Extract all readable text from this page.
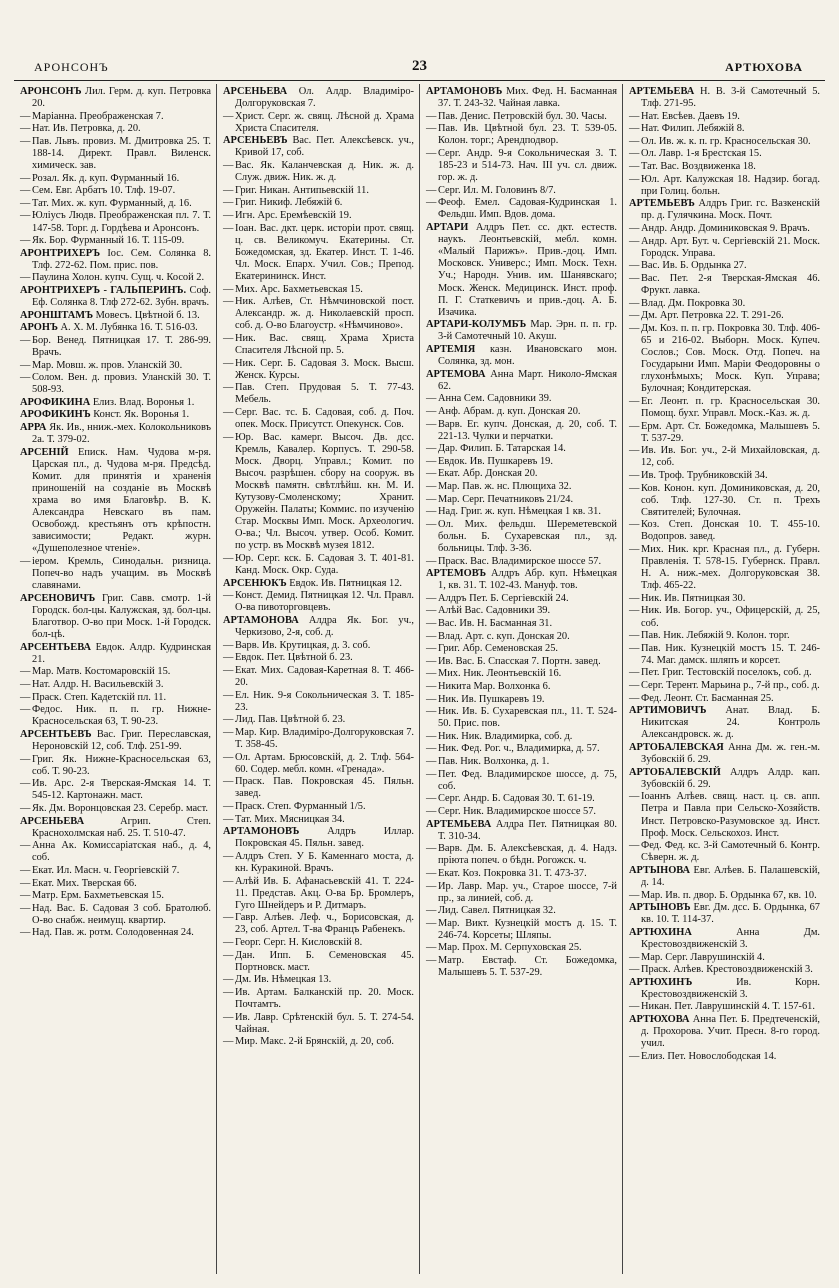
АРОНСОНЪ	23	АРТЮХОВА
АРОНСОНЪ Лил. Герм. д. куп. Петровка 20.
— Маріанна. Преображенская 7.
— Нат. Ив. Петровка, д. 20.
— Пав. Львъ. провиз. М. Дмитровка 25. Т. 188-14. Директ. Правл. Виленск. химическ. зав.
— Розал. Як. д. куп. Фурманный 16.
— Сем. Евг. Арбатъ 10. Тлф. 19-07.
— Тат. Мих. ж. куп. Фурманный, д. 16.
— Юліусъ Людв. Преображенская пл. 7. Т. 147-58. Торг. д. Гордѣева и Аронсонъ.
— Як. Бор. Фурманный 16. Т. 115-09.
АРОНТРИХЕРЪ Іос. Сем. Солянка 8. Тлф. 272-62. Пом. прис. пов.
— Паулина Холон. купч. Сущ. ч. Косой 2.
АРОНТРИХЕРЪ - ГАЛЬПЕРИНЪ. Соф. Еф. Солянка 8. Тлф 272-62. Зубн. врачъ.
АРОНШТАМЪ Мовесъ. Цвѣтной б. 13.
АРОНЪ А. Х. М. Лубянка 16. Т. 516-03.
— Бор. Венед. Пятницкая 17. Т. 286-99. Врачъ.
— Мар. Мовш. ж. пров. Уланскій 30.
— Солом. Вен. д. провиз. Уланскій 30. Т. 508-93.
АРОФИКИНА Елиз. Влад. Воронья 1.
АРОФИКИНЪ Конст. Як. Воронья 1.
АРРА Як. Ив., нниж.-мех. Колокольниковъ 2а. Т. 379-02.
АРСЕНІЙ Еписк. Нам. Чудова м-ря. Царская пл., д. Чудова м-ря. Предсѣд. Комит. для принятія и храненія приношеній на созданіе въ Москвѣ храма во имя Благовѣр. В. К. Александра Невскаго въ пам. Освобожд. крестьянъ отъ крѣпостн. зависимости; Редакт. журн. «Душеполезное чтеніе».
— іером. Кремль, Синодальн. ризница. Попеч-во надъ учащим. въ Москвѣ славянами.
АРСЕНОВИЧЪ Григ. Савв. смотр. 1-й Городск. бол-цы. Калужская, зд. бол-цы. Благотвор. О-во при Моск. 1-й Городск. бол-цѣ.
АРСЕНТЬЕВА Евдок. Алдр. Кудринская 21.
— Мар. Матв. Костомаровскій 15.
— Нат. Алдр. Н. Васильевскій 3.
— Праск. Степ. Кадетскій пл. 11.
— Федос. Ник. п. п. гр. Нижне-Красносельская 63, Т. 90-23.
АРСЕНТЬЕВЪ Вас. Григ. Переславская, Нероновскій 12, соб. Тлф. 251-99.
— Григ. Як. Нижне-Красносельская 63, соб. Т. 90-23.
— Ив. Арс. 2-я Тверская-Ямская 14. Т. 545-12. Картонажн. маст.
— Як. Дм. Воронцовская 23. Серебр. маст.
АРСЕНЬЕВА Агрип. Степ. Краснохолмская наб. 25. Т. 510-47.
— Анна Ак. Комиссаріатская наб., д. 4, соб.
— Екат. Ил. Масн. ч. Георгіевскій 7.
— Екат. Мих. Тверская 66.
— Матр. Ерм. Бахметьевская 15.
— Над. Вас. Б. Садовая 3 соб. Братолюб. О-во снабж. неимущ. квартир.
— Над. Пав. ж. ротм. Солодовенная 24.
АРСЕНЬЕВА Ол. Алдр. Владиміро-Долгоруковская 7.
— Христ. Серг. ж. свящ. Лѣсной д. Храма Христа Спасителя.
АРСЕНЬЕВЪ Вас. Пет. Алексѣевск. уч., Кривой 17, соб.
— Вас. Як. Каланчевская д. Ник. ж. д. Служ. движ. Ник. ж. д.
— Григ. Никан. Антипьевскій 11.
— Григ. Никиф. Лебяжій 6.
— Игн. Арс. Еремѣевскій 19.
— Іоан. Вас. дкт. церк. исторіи прот. свящ. ц. св. Великомуч. Екатерины. Ст. Божедомская, зд. Екатер. Инст. Т. 1-46. Чл. Моск. Епарх. Учил. Сов.; Препод. Екатерининск. Инст.
— Мих. Арс. Бахметьевская 15.
— Ник. Алѣев, Ст. Нѣмчиновской пост. Александр. ж. д. Николаевскій просп. соб. д. О-во Благоустр. «Нѣмчиново».
— Ник. Вас. свящ. Храма Христа Спасителя Лѣсной пр. 5.
— Ник. Серг. Б. Садовая 3. Моск. Высш. Женск. Курсы.
— Пав. Степ. Прудовая 5. Т. 77-43. Мебель.
— Серг. Вас. тс. Б. Садовая, соб. д. Поч. опек. Моск. Присутст. Опекунск. Сов.
— Юр. Вас. камерг. Высоч. Дв. дсс. Кремль, Кавалер. Корпусъ. Т. 290-58. Моск. Дворц. Управл.; Комит. по Высоч. разрѣшен. сбору на сооруж. въ Москвѣ памятн. свѣтлѣйш. кн. М. И. Кутузову-Смоленскому; Хранит. Оружейн. Палаты; Коммис. по изученію Стар. Москвы Имп. Моск. Археологич. О-ва.; Чл. Высоч. утвер. Особ. Комит. по устр. въ Москвѣ музея 1812.
— Юр. Серг. кск. Б. Садовая 3. Т. 401-81. Канд. Моск. Окр. Суда.
АРСЕНЮКЪ Евдок. Ив. Пятницкая 12.
— Конст. Демид. Пятницкая 12. Чл. Правл. О-ва пивоторговцевъ.
АРТАМОНОВА Алдра Як. Бог. уч., Черкизово, 2-я, соб. д.
— Варв. Ив. Крутицкая, д. 3. соб.
— Евдок. Пет. Цвѣтной б. 23.
— Екат. Мих. Садовая-Каретная 8. Т. 466-20.
— Ел. Ник. 9-я Сокольническая 3. Т. 185-23.
— Лид. Пав. Цвѣтной б. 23.
— Мар. Кир. Владиміро-Долгоруковская 7. Т. 358-45.
— Ол. Артам. Брюсовскій, д. 2. Тлф. 564-60. Содер. мебл. комн. «Гренада».
— Праск. Пав. Покровская 45. Пяльн. завед.
— Праск. Степ. Фурманный 1/5.
— Тат. Мих. Мясницкая 34.
АРТАМОНОВЪ Алдръ Иллар. Покровская 45. Пяльн. завед.
— Алдръ Степ. У Б. Каменнаго моста, д. кн. Куракиной. Врачъ.
— Алѣй Ив. Б. Афанасьевскій 41. Т. 224-11. Представ. Акц. О-ва Бр. Бромлеръ, Гуго Шнейдеръ и Р. Дитмаръ.
— Гавр. Алѣев. Леф. ч., Борисовская, д. 23, соб. Артел. Т-ва Францъ Рабенекъ.
— Георг. Серг. Н. Кисловскій 8.
— Дан. Ипп. Б. Семеновская 45. Портновск. маст.
— Дм. Ив. Нѣмецкая 13.
— Ив. Артам. Балканскій пр. 20. Моск. Почтамтъ.
— Ив. Лавр. Срѣтенскій бул. 5. Т. 274-54. Чайная.
— Мир. Макс. 2-й Брянскій, д. 20, соб.
АРТАМОНОВЪ Мих. Фед. Н. Басманная 37. Т. 243-32. Чайная лавка.
— Пав. Денис. Петровскій бул. 30. Часы.
— Пав. Ив. Цвѣтной бул. 23. Т. 539-05. Колон. торг.; Арендподвор.
— Серг. Андр. 9-я Сокольническая 3. Т. 185-23 и 514-73. Нач. III уч. сл. движ. гор. ж. д.
— Серг. Ил. М. Головинъ 8/7.
— Феоф. Емел. Садовая-Кудринская 1. Фельдш. Имп. Вдов. дома.
АРТАРИ Алдръ Пет. сс. дкт. естеств. наукъ. Леонтьевскій, мебл. комн. «Малый Парижъ». Прив.-доц. Имп. Московск. Универс.; Имп. Моск. Техн. Уч.; Народн. Унив. им. Шанявскаго; Моск. Женск. Медицинск. Инст. проф. П. Г. Статкевичъ и прив.-доц. А. Б. Изачика.
АРТАРИ-КОЛУМБЪ Мар. Эрн. п. п. гр. 3-й Самотечный 10. Акуш.
АРТЕМІЯ казн. Ивановскаго мон. Солянка, зд. мон.
АРТЕМОВА Анна Март. Николо-Ямская 62.
— Анна Сем. Садовники 39.
— Анф. Абрам. д. куп. Донская 20.
— Варв. Ег. купч. Донская, д. 20, соб. Т. 221-13. Чулки и перчатки.
— Дар. Филип. Б. Татарская 14.
— Евдок. Ив. Пушкаревъ 19.
— Екат. Абр. Донская 20.
— Мар. Пав. ж. нс. Плющиха 32.
— Мар. Серг. Печатниковъ 21/24.
— Над. Григ. ж. куп. Нѣмецкая 1 кв. 31.
— Ол. Мих. фельдш. Шереметевской больн. Б. Сухаревская пл., зд. больницы. Тлф. 3-36.
— Праск. Вас. Владимирское шоссе 57.
АРТЕМОВЪ Алдръ Абр. куп. Нѣмецкая 1, кв. 31. Т. 102-43. Мануф. тов.
— Алдръ Пет. Б. Сергіевскій 24.
— Алѣй Вас. Садовники 39.
— Вас. Ив. Н. Басманная 31.
— Влад. Арт. с. куп. Донская 20.
— Григ. Абр. Семеновская 25.
— Ив. Вас. Б. Спасская 7. Портн. завед.
— Мих. Ник. Леонтьевскій 16.
— Никита Мар. Волхонка 6.
— Ник. Ив. Пушкаревъ 19.
— Ник. Ив. Б. Сухаревская пл., 11. Т. 524-50. Прис. пов.
— Ник. Ник. Владимирка, соб. д.
— Ник. Фед. Рог. ч., Владимирка, д. 57.
— Пав. Ник. Волхонка, д. 1.
— Пет. Фед. Владимирское шоссе, д. 75, соб.
— Серг. Андр. Б. Садовая 30. Т. 61-19.
— Серг. Ник. Владимирское шоссе 57.
АРТЕМЬЕВА Алдра Пет. Пятницкая 80. Т. 310-34.
— Варв. Дм. Б. Алексѣевская, д. 4. Надз. пріюта попеч. о бѣдн. Рогожск. ч.
— Екат. Коз. Покровка 31. Т. 473-37.
— Ир. Лавр. Мар. уч., Старое шоссе, 7-й пр., за линией, соб. д.
— Лид. Савел. Пятницкая 32.
— Мар. Викт. Кузнецкій мостъ д. 15. Т. 246-74. Корсеты; Шляпы.
— Мар. Прох. М. Серпуховская 25.
— Матр. Евстаф. Ст. Божедомка, Малышевъ 5. Т. 537-29.
АРТЕМЬЕВА Н. В. 3-й Самотечный 5. Тлф. 271-95.
— Нат. Евсѣев. Даевъ 19.
— Нат. Филип. Лебяжій 8.
— Ол. Ив. ж. к. п. гр. Красносельская 30.
— Ол. Лавр. 1-я Брестская 15.
— Тат. Вас. Воздвиженка 18.
— Юл. Арт. Калужская 18. Надзир. богад. при Голиц. больн.
АРТЕМЬЕВЪ Алдръ Григ. гс. Вазкенскій пр. д. Гулячкина. Моск. Почт.
— Андр. Андр. Доминиковская 9. Врачъ.
— Андр. Арт. Бут. ч. Сергіевскій 21. Моск. Городск. Управа.
— Вас. Ив. Б. Ордынка 27.
— Вас. Пет. 2-я Тверская-Ямская 46. Фрукт. лавка.
— Влад. Дм. Покровка 30.
— Дм. Арт. Петровка 22. Т. 291-26.
— Дм. Коз. п. п. гр. Покровка 30. Тлф. 406-65 и 216-02. Выборн. Моск. Купеч. Сослов.; Сов. Моск. Отд. Попеч. на Государыни Имп. Маріи Феодоровны о глухонѣмыхъ; Моск. Куп. Управа; Булочная; Кондитерская.
— Ег. Леонт. п. гр. Красносельская 30. Помощ. бухг. Управл. Моск.-Каз. ж. д.
— Ерм. Арт. Ст. Божедомка, Малышевъ 5. Т. 537-29.
— Ив. Ив. Бог. уч., 2-й Михайловская, д. 12, соб.
— Ив. Троф. Трубниковскій 34.
— Ков. Конон. куп. Доминиковская, д. 20, соб. Тлф. 127-30. Ст. п. Трехъ Святителей; Булочная.
— Коз. Степ. Донская 10. Т. 455-10. Водопров. завед.
— Мих. Ник. крг. Красная пл., д. Губерн. Правленія. Т. 578-15. Губернск. Правл. Н. А. ниж.-мех. Долгоруковская 38. Тлф. 465-22.
— Ник. Ив. Пятницкая 30.
— Ник. Ив. Богор. уч., Офицерскій, д. 25, соб.
— Пав. Ник. Лебяжій 9. Колон. торг.
— Пав. Ник. Кузнецкій мостъ 15. Т. 246-74. Маг. дамск. шляпъ и корсет.
— Пет. Григ. Тестовскій поселокъ, соб. д.
— Серг. Терент. Марьина р., 7-й пр., соб. д.
— Фед. Леонт. Ст. Басманная 25.
АРТИМОВИЧЪ Анат. Влад. Б. Никитская 24. Контроль Александровск. ж. д.
АРТОБАЛЕВСКАЯ Анна Дм. ж. ген.-м. Зубовскій б. 29.
АРТОБАЛЕВСКІЙ Алдръ Алдр. кап. Зубовскій б. 29.
— Іоаннъ Алѣев. свящ. наст. ц. св. апп. Петра и Павла при Сельско-Хозяйств. Инст. Петровско-Разумовское зд. Инст. Проф. Моск. Сельскохоз. Инст.
— Фед. Фед. кс. 3-й Самотечный 6. Контр. Сѣверн. ж. д.
АРТЫНОВА Евг. Алѣев. Б. Палашевскій, д. 14.
— Мар. Ив. п. двор. Б. Ордынка 67, кв. 10.
АРТЫНОВЪ Евг. Дм. дсс. Б. Ордынка, 67 кв. 10. Т. 114-37.
АРТЮХИНА Анна Дм. Крестовоздвиженскій 3.
— Мар. Серг. Лаврушинскій 4.
— Праск. Алѣев. Крестовоздвиженскій 3.
АРТЮХИНЪ Ив. Корн. Крестовоздвиженскій 3.
— Никан. Пет. Лаврушинскій 4. Т. 157-61.
АРТЮХОВА Анна Пет. Б. Предтеченскій, д. Прохорова. Учит. Пресн. 8-го город. учил.
— Елиз. Пет. Новослободская 14.
